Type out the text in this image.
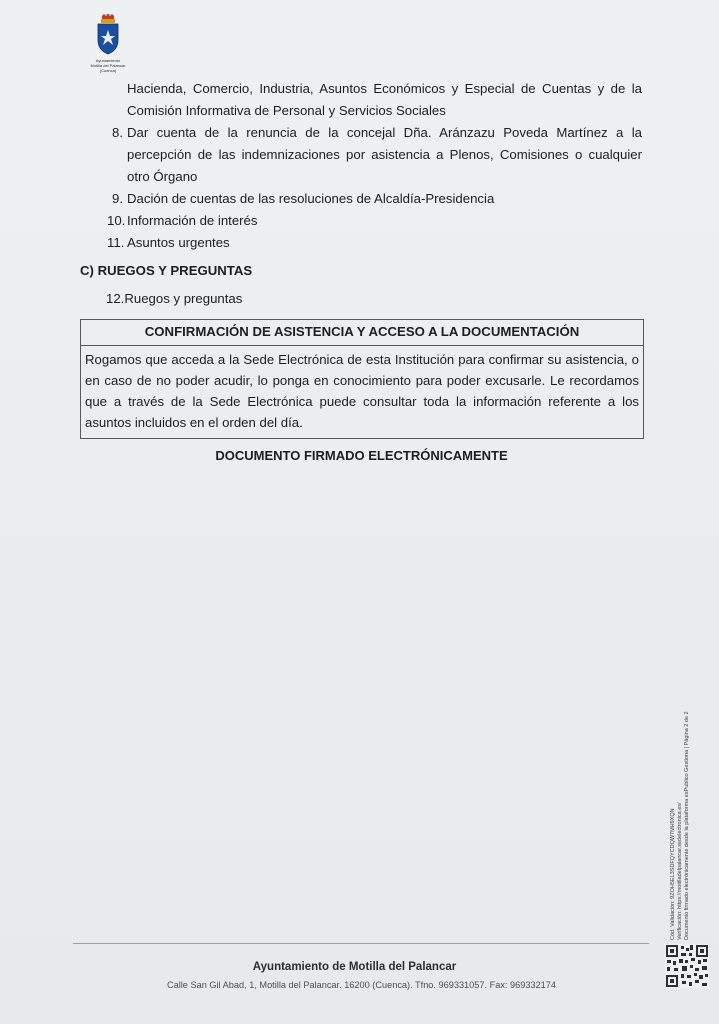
Ayuntamiento
Motilla del Palancar
(Cuenca)
Hacienda, Comercio, Industria, Asuntos Económicos y Especial de Cuentas y de la Comisión Informativa de Personal y Servicios Sociales
8. Dar cuenta de la renuncia de la concejal Dña. Aránzazu Poveda Martínez a la percepción de las indemnizaciones por asistencia a Plenos, Comisiones o cualquier otro Órgano
9. Dación de cuentas de las resoluciones de Alcaldía-Presidencia
10. Información de interés
11. Asuntos urgentes
C) RUEGOS Y PREGUNTAS
12.Ruegos y preguntas
CONFIRMACIÓN DE ASISTENCIA Y ACCESO A LA DOCUMENTACIÓN
Rogamos que acceda a la Sede Electrónica de esta Institución para confirmar su asistencia, o en caso de no poder acudir, lo ponga en conocimiento para poder excusarle. Le recordamos que a través de la Sede Electrónica puede consultar toda la información referente a los asuntos incluidos en el orden del día.
DOCUMENTO FIRMADO ELECTRÓNICAMENTE
Cód. Validación: 9ZOH5EL3SDFQYCDQW7MH9XQN Verificación: https://motilladelpalancar.sedelectronica.es/ Documento firmado electrónicamente desde la plataforma esPublico Gestiona | Página 2 de 2
Ayuntamiento de Motilla del Palancar
Calle San Gil Abad, 1, Motilla del Palancar. 16200 (Cuenca). Tfno. 969331057. Fax: 969332174
